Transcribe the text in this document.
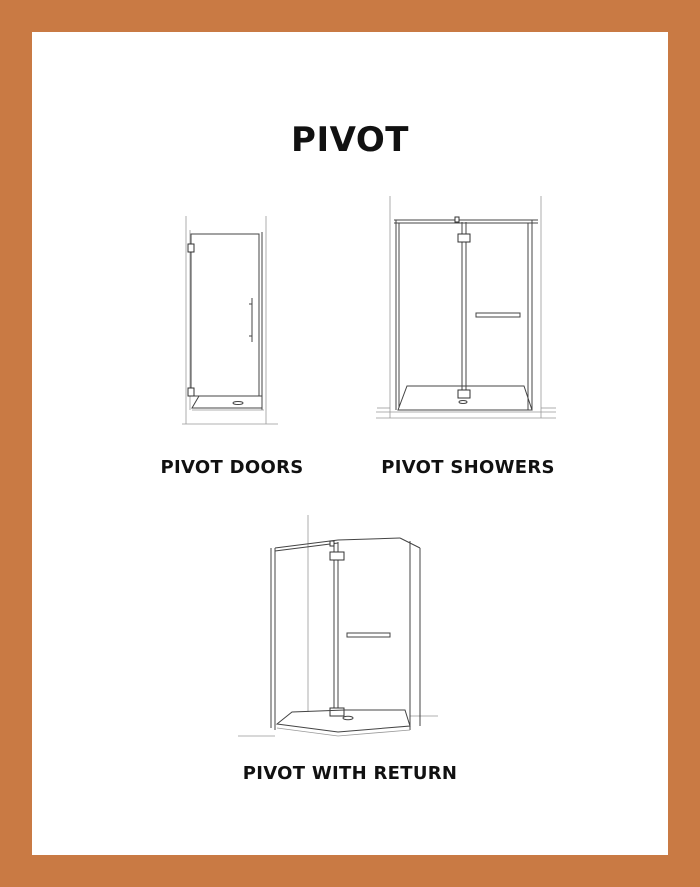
PIVOT
PIVOT DOORS	PIVOT SHOWERS
PIVOT WITH RETURN
